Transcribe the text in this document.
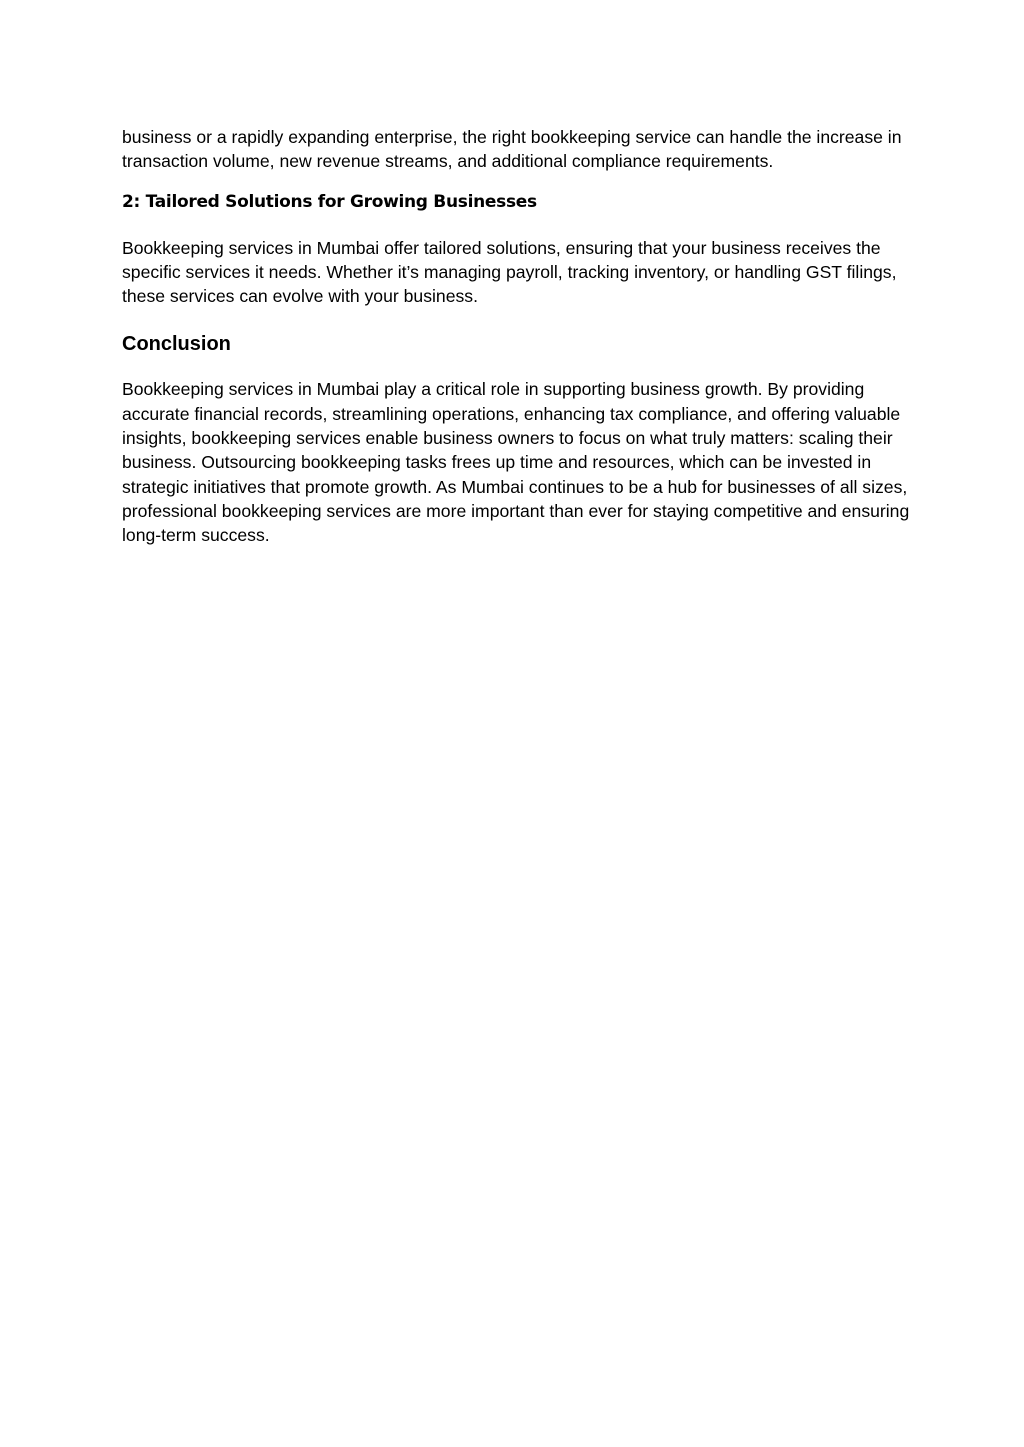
business or a rapidly expanding enterprise, the right bookkeeping service can handle the increase in transaction volume, new revenue streams, and additional compliance requirements.

2: Tailored Solutions for Growing Businesses

Bookkeeping services in Mumbai offer tailored solutions, ensuring that your business receives the specific services it needs. Whether it’s managing payroll, tracking inventory, or handling GST filings, these services can evolve with your business.

Conclusion

Bookkeeping services in Mumbai play a critical role in supporting business growth. By providing accurate financial records, streamlining operations, enhancing tax compliance, and offering valuable insights, bookkeeping services enable business owners to focus on what truly matters: scaling their business. Outsourcing bookkeeping tasks frees up time and resources, which can be invested in strategic initiatives that promote growth. As Mumbai continues to be a hub for businesses of all sizes, professional bookkeeping services are more important than ever for staying competitive and ensuring long-term success.
